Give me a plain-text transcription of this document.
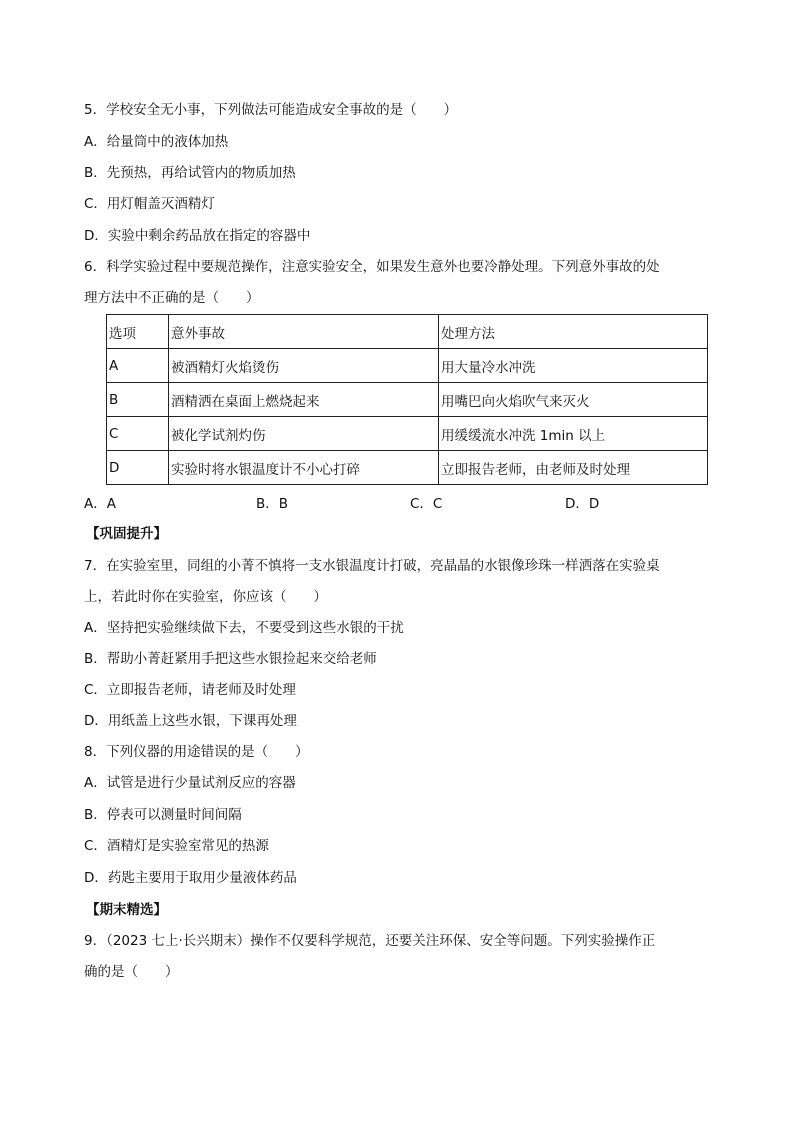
5．学校安全无小事，下列做法可能造成安全事故的是（　　）
A．给量筒中的液体加热
B．先预热，再给试管内的物质加热
C．用灯帽盖灭酒精灯
D．实验中剩余药品放在指定的容器中
6．科学实验过程中要规范操作，注意实验安全，如果发生意外也要冷静处理。下列意外事故的处
理方法中不正确的是（　　）
选项	意外事故	处理方法
A	被酒精灯火焰烫伤	用大量冷水冲洗
B	酒精洒在桌面上燃烧起来	用嘴巴向火焰吹气来灭火
C	被化学试剂灼伤	用缓缓流水冲洗 1min 以上
D	实验时将水银温度计不小心打碎	立即报告老师，由老师及时处理
A．A	B．B	C．C	D．D
【巩固提升】
7．在实验室里，同组的小菁不慎将一支水银温度计打破，亮晶晶的水银像珍珠一样洒落在实验桌
上，若此时你在实验室，你应该（　　）
A．坚持把实验继续做下去，不要受到这些水银的干扰
B．帮助小菁赶紧用手把这些水银捡起来交给老师
C．立即报告老师，请老师及时处理
D．用纸盖上这些水银，下课再处理
8．下列仪器的用途错误的是（　　）
A．试管是进行少量试剂反应的容器
B．停表可以测量时间间隔
C．酒精灯是实验室常见的热源
D．药匙主要用于取用少量液体药品
【期末精选】
9．（2023 七上·长兴期末）操作不仅要科学规范，还要关注环保、安全等问题。下列实验操作正
确的是（　　）
